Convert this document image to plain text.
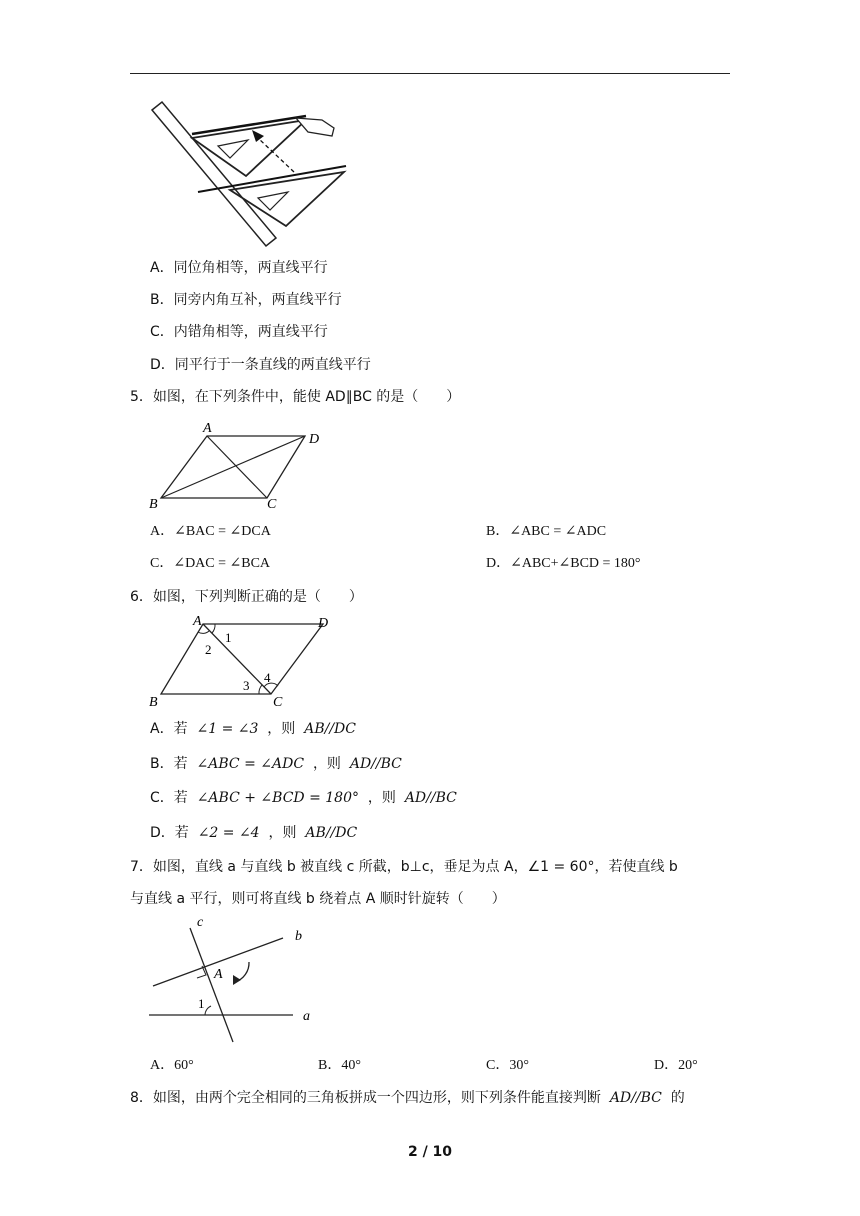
A．同位角相等，两直线平行
B．同旁内角互补，两直线平行
C．内错角相等，两直线平行
D．同平行于一条直线的两直线平行
5．如图，在下列条件中，能使 AD∥BC 的是（　　）
A
D
B	C
A．∠BAC = ∠DCA	B．∠ABC = ∠ADC
C．∠DAC = ∠BCA	D．∠ABC+∠BCD = 180°
6．如图，下列判断正确的是（　　）
A	D
B	C
1
2
3
4
A．若 ∠1 = ∠3 ，则 AB//DC
B．若 ∠ABC = ∠ADC ，则 AD//BC
C．若 ∠ABC + ∠BCD = 180° ，则 AD//BC
D．若 ∠2 = ∠4 ，则 AB//DC
7．如图，直线 a 与直线 b 被直线 c 所截，b⊥c，垂足为点 A，∠1 = 60°，若使直线 b
与直线 a 平行，则可将直线 b 绕着点 A 顺时针旋转（　　）
c
b
A
1
a
A．60°	B．40°	C．30°	D．20°
8．如图，由两个完全相同的三角板拼成一个四边形，则下列条件能直接判断 AD//BC 的
2 / 10
